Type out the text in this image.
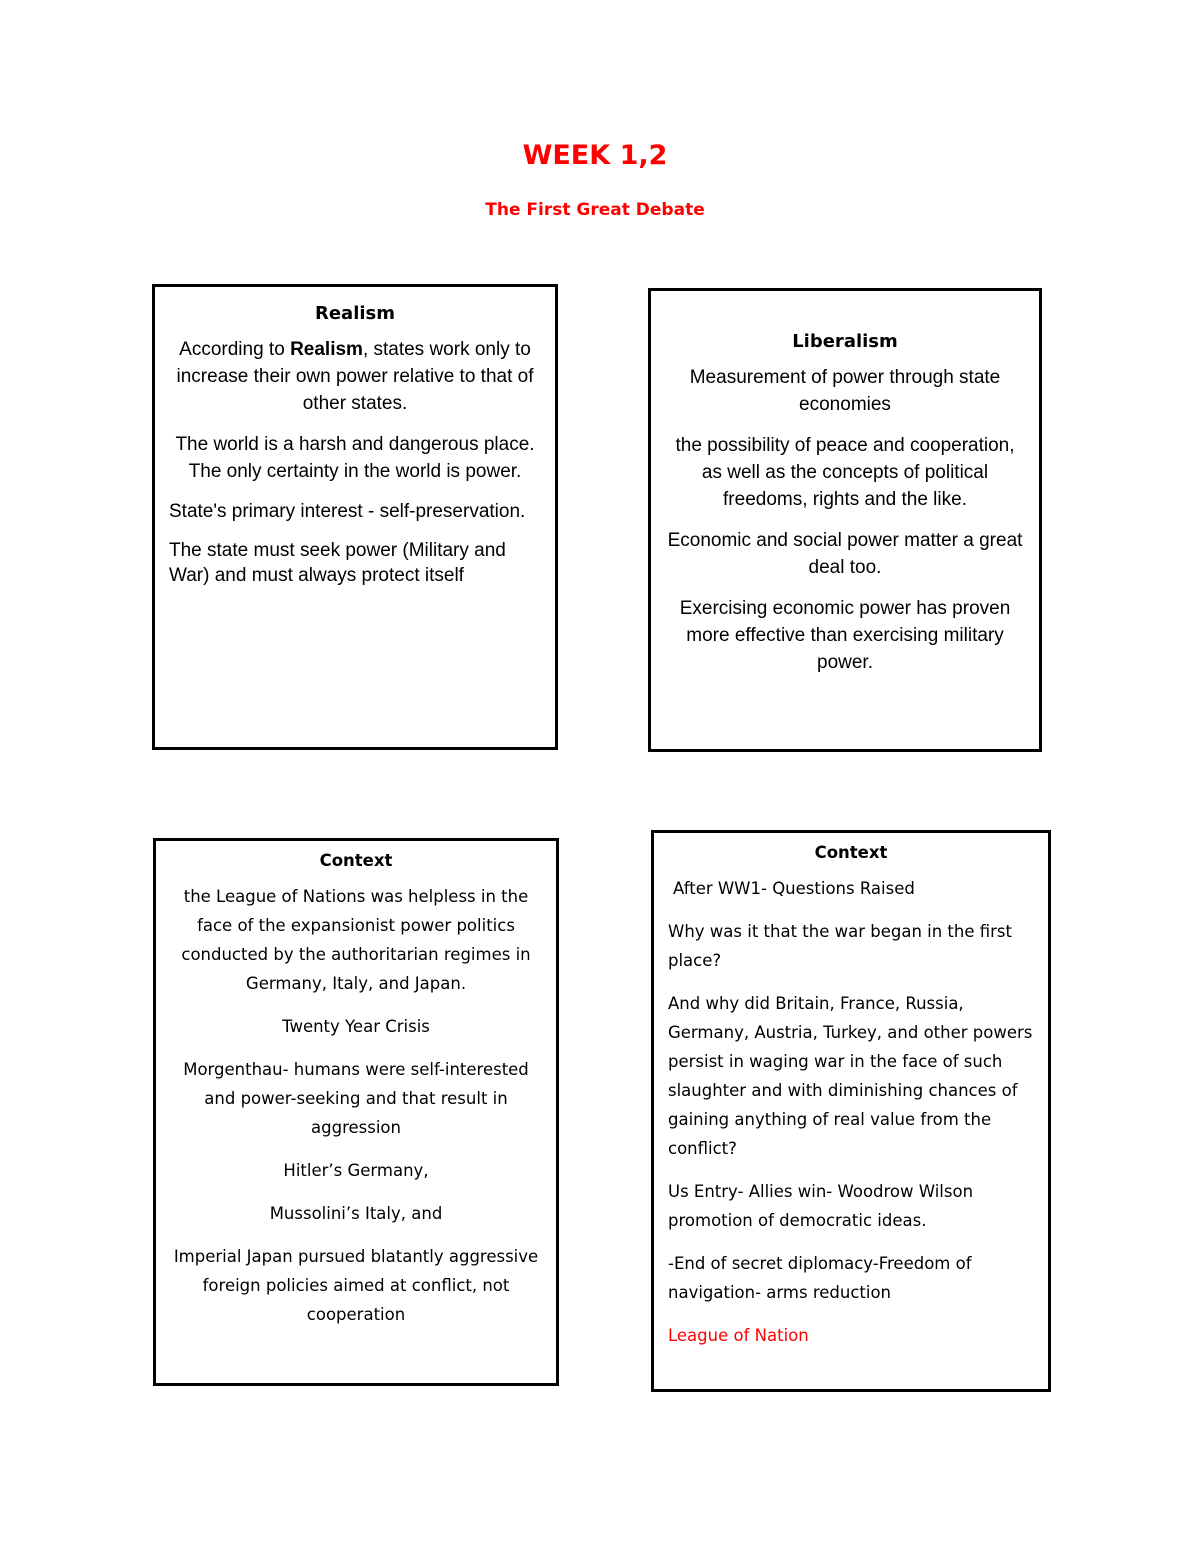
WEEK 1,2
The First Great Debate
Realism

According to Realism, states work only to increase their own power relative to that of other states.

The world is a harsh and dangerous place. The only certainty in the world is power.

State's primary interest - self-preservation.

The state must seek power (Military and War) and must always protect itself

Liberalism

Measurement of power through state economies

the possibility of peace and cooperation, as well as the concepts of political freedoms, rights and the like.

Economic and social power matter a great deal too.

Exercising economic power has proven more effective than exercising military power.

Context

the League of Nations was helpless in the face of the expansionist power politics conducted by the authoritarian regimes in Germany, Italy, and Japan.

Twenty Year Crisis

Morgenthau- humans were self-interested and power-seeking and that result in aggression

Hitler’s Germany,

Mussolini’s Italy, and

Imperial Japan pursued blatantly aggressive foreign policies aimed at conflict, not cooperation

Context

After WW1- Questions Raised

Why was it that the war began in the first place?

And why did Britain, France, Russia, Germany, Austria, Turkey, and other powers persist in waging war in the face of such slaughter and with diminishing chances of gaining anything of real value from the conflict?

Us Entry- Allies win- Woodrow Wilson promotion of democratic ideas.

-End of secret diplomacy-Freedom of navigation- arms reduction

League of Nation
